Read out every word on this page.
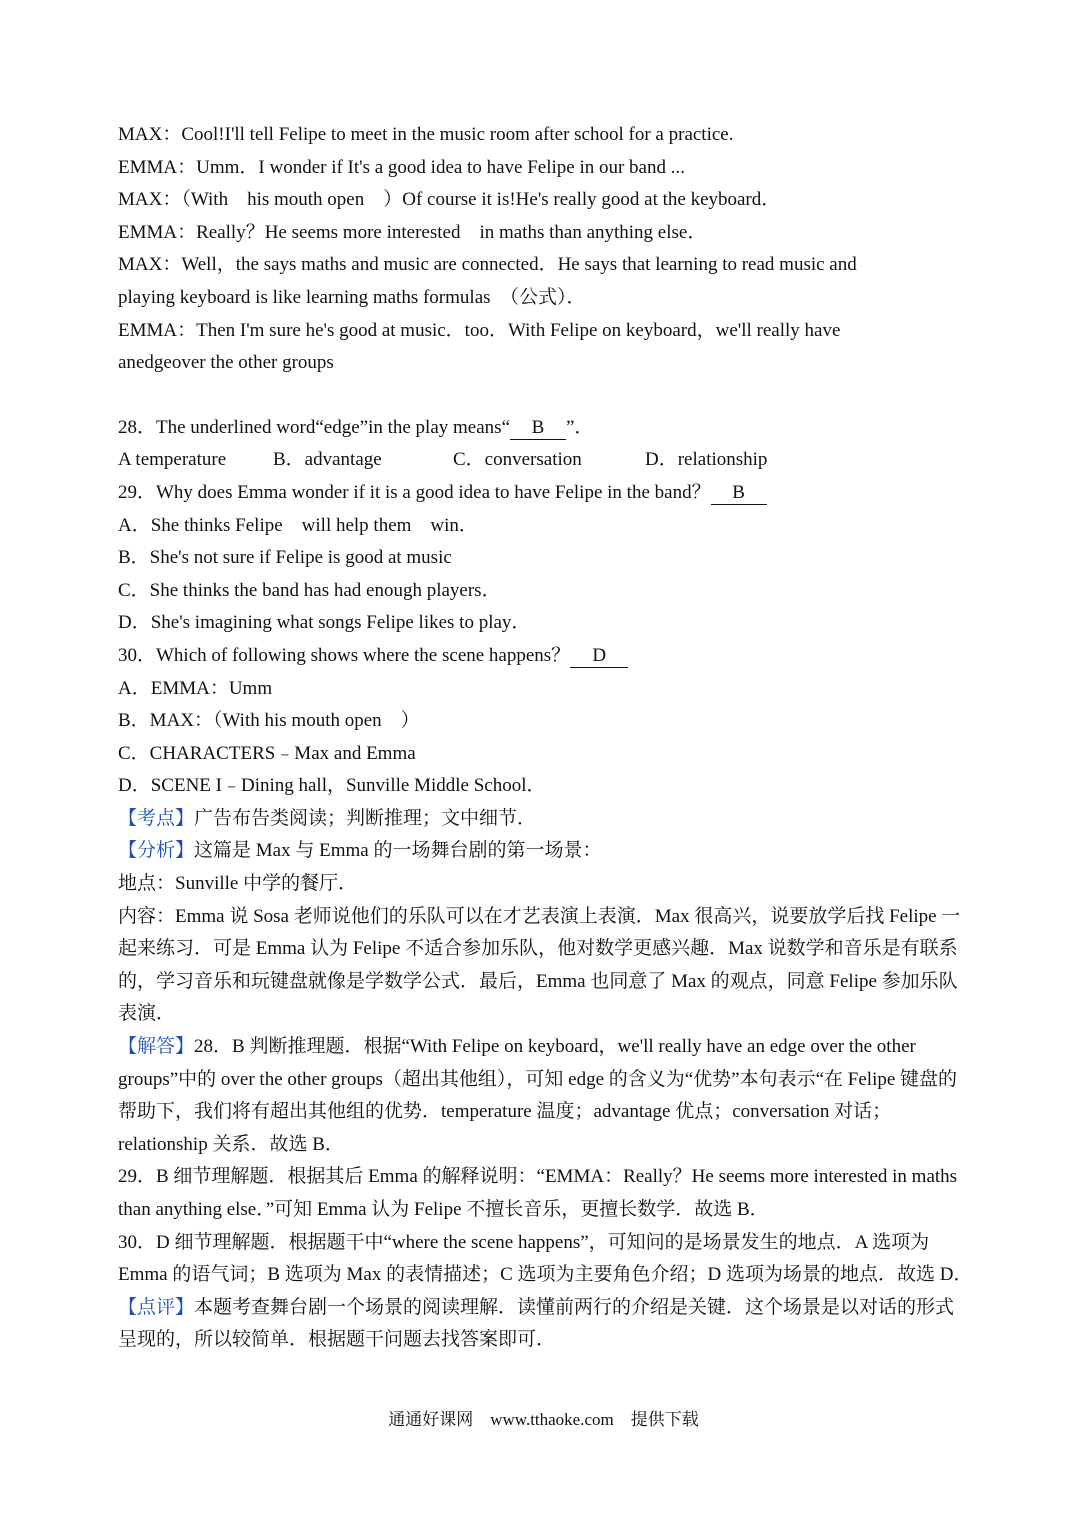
MAX：Cool!I'll tell Felipe to meet in the music room after school for a practice.
EMMA：Umm．I wonder if It's a good idea to have Felipe in our band ...
MAX：（With　his mouth open　）Of course it is!He's really good at the keyboard．
EMMA：Really？He seems more interested　in maths than anything else．
MAX：Well，the says maths and music are connected．He says that learning to read music and
playing keyboard is like learning maths formulas　（公式）．
EMMA：Then I'm sure he's good at music．too．With Felipe on keyboard，we'll really have
anedgeover the other groups
28．The underlined word“edge”in the play means“ B ”．
A temperature B．advantage	C．conversation	D．relationship
29．Why does Emma wonder if it is a good idea to have Felipe in the band？ B
A．She thinks Felipe　will help them　win．
B．She's not sure if Felipe is good at music
C．She thinks the band has had enough players．
D．She's imagining what songs Felipe likes to play．
30．Which of following shows where the scene happens？ D
A．EMMA：Umm
B．MAX：（With his mouth open　）
C．CHARACTERS﹣Max and Emma
D．SCENE I﹣Dining hall，Sunville Middle School．
【考点】广告布告类阅读；判断推理；文中细节．
【分析】这篇是 Max 与 Emma 的一场舞台剧的第一场景：
地点：Sunville 中学的餐厅．
内容：Emma 说 Sosa 老师说他们的乐队可以在才艺表演上表演．Max 很高兴，说要放学后找 Felipe 一起来练习．可是 Emma 认为 Felipe 不适合参加乐队，他对数学更感兴趣．Max 说数学和音乐是有联系的，学习音乐和玩键盘就像是学数学公式．最后，Emma 也同意了 Max 的观点，同意 Felipe 参加乐队表演．
【解答】28．B 判断推理题．根据“With Felipe on keyboard，we'll really have an edge over the other groups”中的 over the other groups（超出其他组），可知 edge 的含义为“优势”本句表示“在 Felipe 键盘的帮助下，我们将有超出其他组的优势．temperature 温度；advantage 优点；conversation 对话；relationship 关系．故选 B．
29．B 细节理解题．根据其后 Emma 的解释说明：“EMMA：Really？He seems more interested in maths than anything else．”可知 Emma 认为 Felipe 不擅长音乐，更擅长数学．故选 B．
30．D 细节理解题．根据题干中“where the scene happens”，可知问的是场景发生的地点．A 选项为 Emma 的语气词；B 选项为 Max 的表情描述；C 选项为主要角色介绍；D 选项为场景的地点．故选 D．
【点评】本题考查舞台剧一个场景的阅读理解．读懂前两行的介绍是关键．这个场景是以对话的形式呈现的，所以较简单．根据题干问题去找答案即可．
通通好课网　www.tthaoke.com　提供下载
